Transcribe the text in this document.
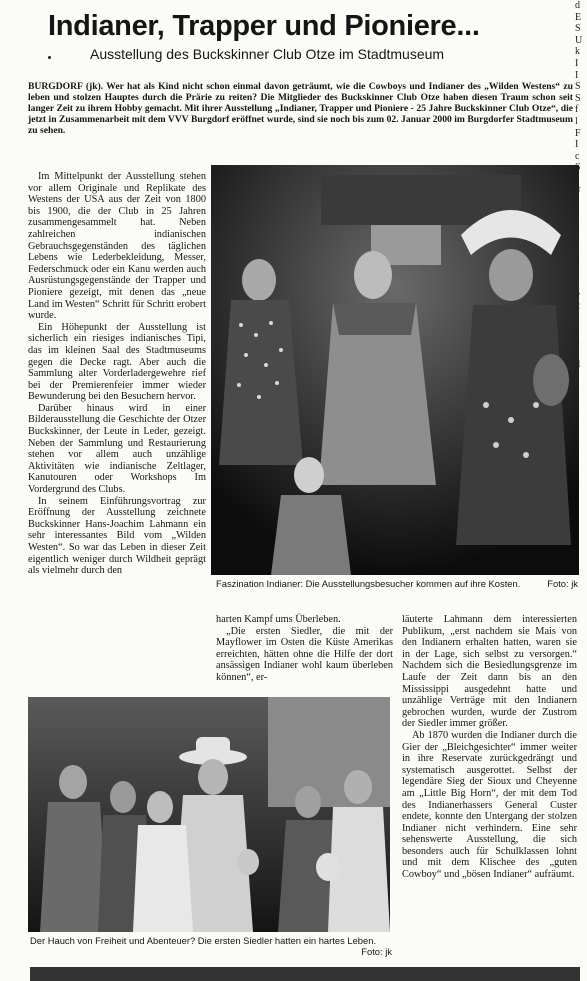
Indianer, Trapper und Pioniere...
Ausstellung des Buckskinner Club Otze im Stadtmuseum
BURGDORF (jk). Wer hat als Kind nicht schon einmal davon geträumt, wie die Cowboys und Indianer des „Wilden Westens“ zu leben und stolzen Hauptes durch die Prärie zu reiten? Die Mitglieder des Buckskinner Club Otze haben diesen Traum schon seit langer Zeit zu ihrem Hobby gemacht. Mit ihrer Ausstellung „Indianer, Trapper und Pioniere - 25 Jahre Buckskinner Club Otze“, die jetzt in Zusammenarbeit mit dem VVV Burgdorf eröffnet wurde, sind sie noch bis zum 02. Januar 2000 im Burgdorfer Stadtmuseum zu sehen.

Im Mittelpunkt der Ausstellung stehen vor allem Originale und Replikate des Westens der USA aus der Zeit von 1800 bis 1900, die der Club in 25 Jahren zusammengesammelt hat. Neben zahlreichen indianischen Gebrauchsgegenständen des täglichen Lebens wie Lederbekleidung, Messer, Federschmuck oder ein Kanu werden auch Ausrüstungsgegenstände der Trapper und Pioniere gezeigt, mit denen das „neue Land im Westen“ Schritt für Schritt erobert wurde.

Ein Höhepunkt der Ausstellung ist sicherlich ein riesiges indianisches Tipi, das im kleinen Saal des Stadtmuseums gegen die Decke ragt. Aber auch die Sammlung alter Vorderladergewehre rief bei der Premierenfeier immer wieder Bewunderung bei den Besuchern hervor.

Darüber hinaus wird in einer Bilderausstellung die Geschichte der Otzer Buckskinner, der Leute in Leder, gezeigt. Neben der Sammlung und Restaurierung stehen vor allem auch unzählige Aktivitäten wie indianische Zeltlager, Kanutouren oder Workshops Im Vordergrund des Clubs.

In seinem Einführungsvortrag zur Eröffnung der Ausstellung zeichnete Buckskinner Hans-Joachim Lahmann ein sehr interessantes Bild vom „Wilden Westen“. So war das Leben in dieser Zeit eigentlich weniger durch Wildheit geprägt als vielmehr durch den

Faszination Indianer: Die Ausstellungsbesucher kommen auf ihre Kosten.	Foto: jk

harten Kampf ums Überleben.

„Die ersten Siedler, die mit der Mayflower im Osten die Küste Amerikas erreichten, hätten ohne die Hilfe der dort ansässigen Indianer wohl kaum überleben können“, er-

läuterte Lahmann dem interessierten Publikum, „erst nachdem sie Mais von den Indianern erhalten hatten, waren sie in der Lage, sich selbst zu versorgen.“ Nachdem sich die Besiedlungsgrenze im Laufe der Zeit dann bis an den Mississippi ausgedehnt hatte und unzählige Verträge mit den Indianern gebrochen wurden, wurde der Zustrom der Siedler immer größer.

Ab 1870 wurden die Indianer durch die Gier der „Bleichgesichter“ immer weiter in ihre Reservate zurückgedrängt und systematisch ausgerottet. Selbst der legendäre Sieg der Sioux und Cheyenne am „Little Big Horn“, der mit dem Tod des Indianerhassers General Custer endete, konnte den Untergang der stolzen Indianer nicht verhindern. Eine sehr sehenswerte Ausstellung, die sich besonders auch für Schulklassen lohnt und mit dem Klischee des „guten Cowboy“ und „bösen Indianer“ aufräumt.

Der Hauch von Freiheit und Abenteuer? Die ersten Siedler hatten ein hartes Leben.
Foto: jk
d
E
S
U
k
I
I
S
S
f
l
F
I
c
S
l
F

(

r
a
t
i
v
2
t
r
a
l
d
